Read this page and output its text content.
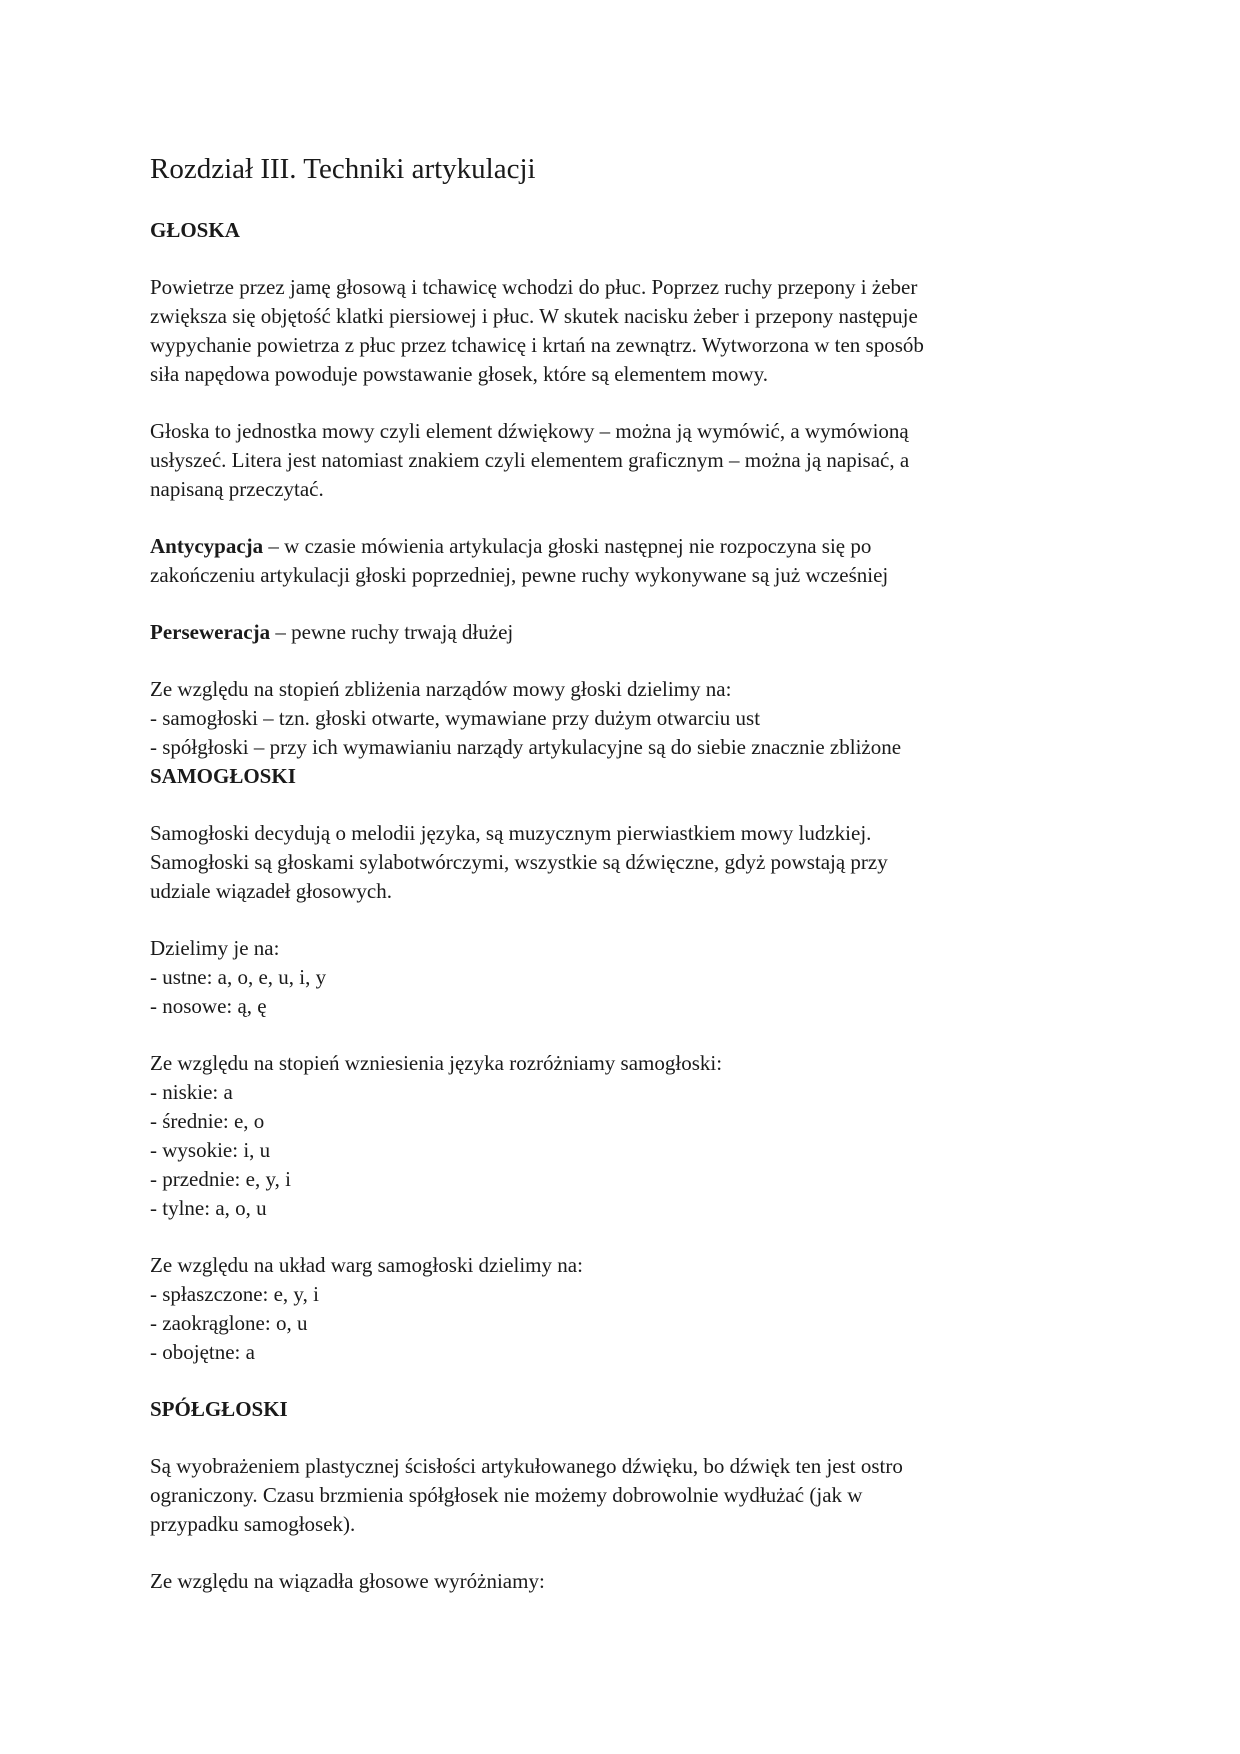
Rozdział III. Techniki artykulacji
GŁOSKA
Powietrze przez jamę głosową i tchawicę wchodzi do płuc. Poprzez ruchy przepony i żeber
zwiększa się objętość klatki piersiowej i płuc. W skutek nacisku żeber i przepony następuje
wypychanie powietrza z płuc przez tchawicę i krtań na zewnątrz. Wytworzona w ten sposób
siła napędowa powoduje powstawanie głosek, które są elementem mowy.
Głoska to jednostka mowy czyli element dźwiękowy – można ją wymówić, a wymówioną
usłyszeć. Litera jest natomiast znakiem czyli elementem graficznym – można ją napisać, a
napisaną przeczytać.
Antycypacja – w czasie mówienia artykulacja głoski następnej nie rozpoczyna się po
zakończeniu artykulacji głoski poprzedniej, pewne ruchy wykonywane są już wcześniej
Perseweracja – pewne ruchy trwają dłużej
Ze względu na stopień zbliżenia narządów mowy głoski dzielimy na:
- samogłoski – tzn. głoski otwarte, wymawiane przy dużym otwarciu ust
- spółgłoski – przy ich wymawianiu narządy artykulacyjne są do siebie znacznie zbliżone
SAMOGŁOSKI
Samogłoski decydują o melodii języka, są muzycznym pierwiastkiem mowy ludzkiej.
Samogłoski są głoskami sylabotwórczymi, wszystkie są dźwięczne, gdyż powstają przy
udziale wiązadeł głosowych.
Dzielimy je na:
- ustne: a, o, e, u, i, y
- nosowe: ą, ę
Ze względu na stopień wzniesienia języka rozróżniamy samogłoski:
- niskie: a
- średnie: e, o
- wysokie: i, u
- przednie: e, y, i
- tylne: a, o, u
Ze względu na układ warg samogłoski dzielimy na:
- spłaszczone: e, y, i
- zaokrąglone: o, u
- obojętne: a
SPÓŁGŁOSKI
Są wyobrażeniem plastycznej ścisłości artykułowanego dźwięku, bo dźwięk ten jest ostro
ograniczony. Czasu brzmienia spółgłosek nie możemy dobrowolnie wydłużać (jak w
przypadku samogłosek).
Ze względu na wiązadła głosowe wyróżniamy:
